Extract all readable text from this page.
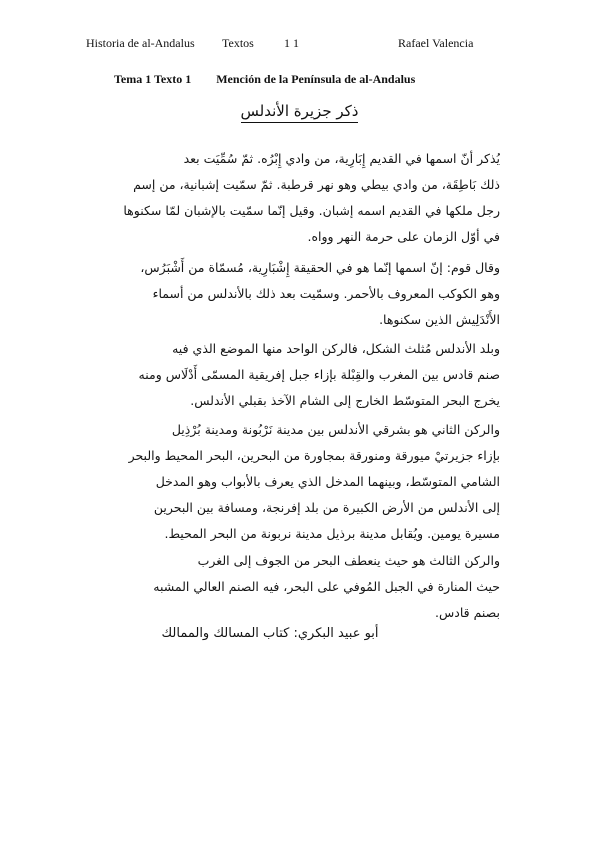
Historia de al-Andalus Textos	1 1	Rafael Valencia
Tema 1 Texto 1 Mención de la Península de al-Andalus
ذكر جزيرة الأندلس
يُذكر أنّ اسمها في القديم إِبَارِية، من وادي إِبْرُه. ثمّ سُمِّيَت بعد
ذلك بَاطِقَة، من وادي بيطي وهو نهر قرطبة. ثمّ سمّيت إشبانية، من إسم
رجل ملكها في القديم اسمه إشبان. وقيل إنّما سمّيت بالإشبان لمّا سكنوها
في أوّل الزمان على حرمة النهر وواه.
وقال قوم: إنّ اسمها إنّما هو في الحقيقة إِشْبَارِية، مُسمّاة من أَشْبَرُس،
وهو الكوكب المعروف بالأحمر. وسمّيت بعد ذلك بالأندلس من أسماء
الأَنْدَلِيش الذين سكنوها.
وبلد الأندلس مُثلث الشكل، فالركن الواحد منها الموضع الذي فيه
صنم قادس بين المغرب والقِبْلة بإزاء جبل إفريقية المسمّى أَدْلَاس ومنه
يخرج البحر المتوسّط الخارج إلى الشام الآخذ بقبلي الأندلس.
والركن الثاني هو بشرقي الأندلس بين مدينة نَرْبُونة ومدينة بُرْذِيل
بإزاء جزيرتيْ ميورقة ومنورقة بمجاورة من البحرين، البحر المحيط والبحر
الشامي المتوسّط، وبينهما المدخل الذي يعرف بالأبواب وهو المدخل
إلى الأندلس من الأرض الكبيرة من بلد إفرنجة، ومسافة بين البحرين
مسيرة يومين. ويُقابل مدينة برذيل مدينة نربونة من البحر المحيط.
والركن الثالث هو حيث ينعطف البحر من الجوف إلى الغرب
حيث المنارة في الجبل المُوفي على البحر، فيه الصنم العالي المشبه
بصنم قادس.
أبو عبيد البكري: كتاب المسالك والممالك
